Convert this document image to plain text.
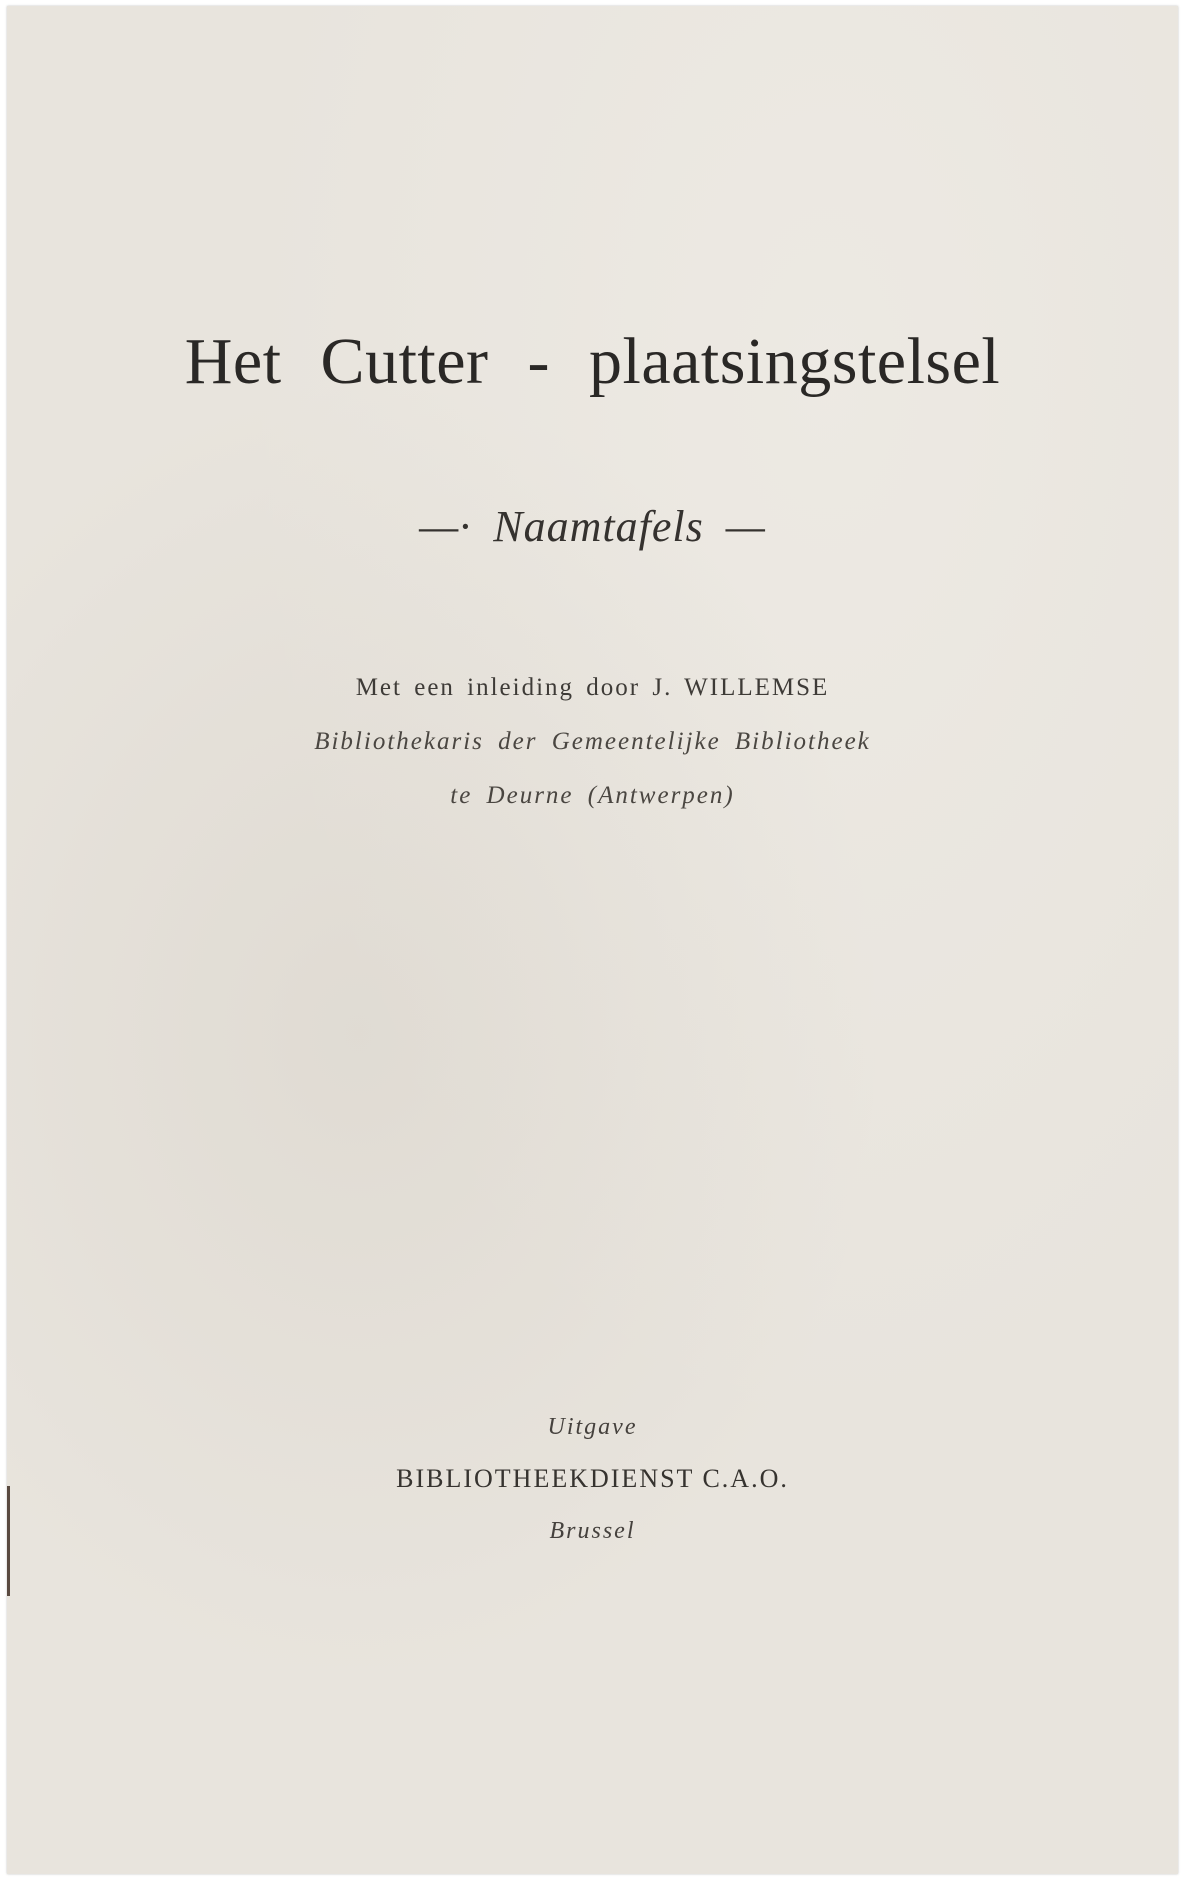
Het Cutter - plaatsingstelsel
—· Naamtafels —
Met een inleiding door J. WILLEMSE
Bibliothekaris der Gemeentelijke Bibliotheek
te Deurne (Antwerpen)
Uitgave
BIBLIOTHEEKDIENST C.A.O.
Brussel
